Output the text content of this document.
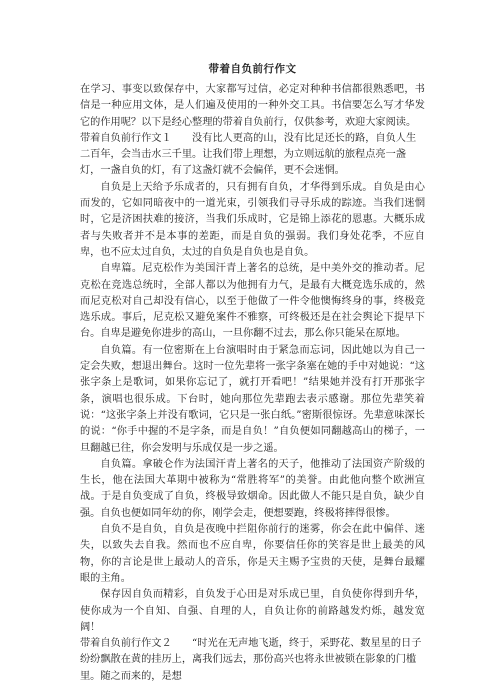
带着自负前行作文

在学习、事变以致保存中，大家都写过信，必定对种种书信都很熟悉吧，书信是一种应用文体，是人们遍及使用的一种外交工具。书信要怎么写才华发它的作用呢？以下是经心整理的带着自负前行，仅供参考，欢迎大家阅读。

带着自负前行作文１　　没有比人更高的山，没有比足还长的路，自负人生二百年，会当击水三千里。让我们带上理想，为立则远航的旅程点亮一盏灯，一盏自负的灯，有了这盏灯就不会偏佯，更不会迷惘。

自负是上天给予乐成者的，只有拥有自负，才华得到乐成。自负是由心而发的，它如同暗夜中的一道光束，引领我们寻寻乐成的踪迹。当我们迷惘时，它是济困扶难的接济，当我们乐成时，它是锦上添花的恩惠。大概乐成者与失败者并不是本事的差距，而是自负的强弱。我们身处花季，不应自卑，也不应太过自负，太过的自负是自负也是自负。

自卑篇。尼克松作为美国汗青上著名的总统，是中美外交的推动者。尼克松在竞选总统时，全部人都以为他拥有力气，是最有大概竞选乐成的，然而尼克松对自己却没有信心，以至于他做了一件令他懊悔终身的事，终极竞选乐成。事后，尼克松又避免案件不雅察，可终极还是在社会舆论下提早下台。自卑是避免你进步的高山，一旦你翻不过去，那么你只能呆在原地。

自负篇。有一位密斯在上台演唱时由于紧急而忘词，因此她以为自己一定会失败，想退出舞台。这时一位先辈将一张字条塞在她的手中对她说：“这张字条上是歌词，如果你忘记了，就打开看吧！”结果她并没有打开那张字条，演唱也很乐成。下台时，她向那位先辈跑去表示感谢。那位先辈笑着说：“这张字条上并没有歌词，它只是一张白纸。”密斯很惊讶。先辈意味深长的说：“你手中握的不是字条，而是自负！”自负便如同翻越高山的梯子，一旦翻越已往，你会发明与乐成仅是一步之遥。

自负篇。拿破仑作为法国汗青上著名的天子，他推动了法国资产阶级的生长，他在法国大革期中被称为“常胜将军”的美誉。由此他向整个欧洲宣战。于是自负变成了自负，终极导致烟命。因此做人不能只是自负，缺少自强。自负也便如同年幼的你，刚学会走，便想要跑，终极将摔得很惨。

自负不是自负，自负是夜晚中拦阻你前行的迷雾，你会在此中偏佯、迷失，以致失去自我。然而也不应自卑，你要信任你的笑容是世上最美的风物，你的言论是世上最动人的音乐，你是天主赐予宝贵的天使，是舞台最耀眼的主角。

保存因自负而精彩，自负发于心田是对乐成已里，自负使你得到升华，使你成为一个自知、自强、自理的人，自负让你的前路越发灼烁，越发宽阔！

带着自负前行作文２　　“时光在无声地飞逝，终于，采野花、数星星的日子纷纷飘散在黄的挂历上，离我们远去，那份高兴也将永世被锁在影象的门槛里。随之而来的，是想
